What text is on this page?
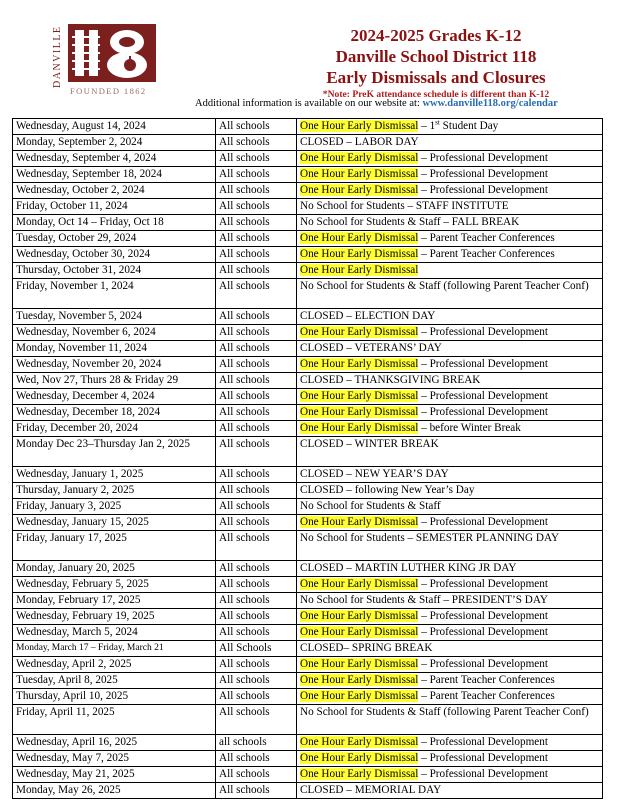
DANVILLE
FOUNDED 1862
2024-2025 Grades K-12
Danville School District 118
Early Dismissals and Closures
*Note: PreK attendance schedule is different than K-12
Additional information is available on our website at: www.danville118.org/calendar
Wednesday, August 14, 2024	All schools	One Hour Early Dismissal – 1st Student Day
Monday, September 2, 2024	All schools	CLOSED – LABOR DAY
Wednesday, September 4, 2024	All schools	One Hour Early Dismissal – Professional Development
Wednesday, September 18, 2024	All schools	One Hour Early Dismissal – Professional Development
Wednesday, October 2, 2024	All schools	One Hour Early Dismissal – Professional Development
Friday, October 11, 2024	All schools	No School for Students – STAFF INSTITUTE
Monday, Oct 14 – Friday, Oct 18	All schools	No School for Students & Staff – FALL BREAK
Tuesday, October 29, 2024	All schools	One Hour Early Dismissal – Parent Teacher Conferences
Wednesday, October 30, 2024	All schools	One Hour Early Dismissal – Parent Teacher Conferences
Thursday, October 31, 2024	All schools	One Hour Early Dismissal
Friday, November 1, 2024	All schools	No School for Students & Staff (following Parent Teacher Conf)
Tuesday, November 5, 2024	All schools	CLOSED – ELECTION DAY
Wednesday, November 6, 2024	All schools	One Hour Early Dismissal – Professional Development
Monday, November 11, 2024	All schools	CLOSED – VETERANS’ DAY
Wednesday, November 20, 2024	All schools	One Hour Early Dismissal – Professional Development
Wed, Nov 27, Thurs 28 & Friday 29	All schools	CLOSED – THANKSGIVING BREAK
Wednesday, December 4, 2024	All schools	One Hour Early Dismissal – Professional Development
Wednesday, December 18, 2024	All schools	One Hour Early Dismissal – Professional Development
Friday, December 20, 2024	All schools	One Hour Early Dismissal – before Winter Break
Monday Dec 23–Thursday Jan 2, 2025	All schools	CLOSED – WINTER BREAK
Wednesday, January 1, 2025	All schools	CLOSED – NEW YEAR’S DAY
Thursday, January 2, 2025	All schools	CLOSED – following New Year’s Day
Friday, January 3, 2025	All schools	No School for Students & Staff
Wednesday, January 15, 2025	All schools	One Hour Early Dismissal – Professional Development
Friday, January 17, 2025	All schools	No School for Students – SEMESTER PLANNING DAY
Monday, January 20, 2025	All schools	CLOSED – MARTIN LUTHER KING JR DAY
Wednesday, February 5, 2025	All schools	One Hour Early Dismissal – Professional Development
Monday, February 17, 2025	All schools	No School for Students & Staff – PRESIDENT’S DAY
Wednesday, February 19, 2025	All schools	One Hour Early Dismissal – Professional Development
Wednesday, March 5, 2024	All schools	One Hour Early Dismissal – Professional Development
Monday, March 17 – Friday, March 21	All Schools	CLOSED– SPRING BREAK
Wednesday, April 2, 2025	All schools	One Hour Early Dismissal – Professional Development
Tuesday, April 8, 2025	All schools	One Hour Early Dismissal – Parent Teacher Conferences
Thursday, April 10, 2025	All schools	One Hour Early Dismissal – Parent Teacher Conferences
Friday, April 11, 2025	All schools	No School for Students & Staff (following Parent Teacher Conf)
Wednesday, April 16, 2025	all schools	One Hour Early Dismissal – Professional Development
Wednesday, May 7, 2025	All schools	One Hour Early Dismissal – Professional Development
Wednesday, May 21, 2025	All schools	One Hour Early Dismissal – Professional Development
Monday, May 26, 2025	All schools	CLOSED – MEMORIAL DAY
